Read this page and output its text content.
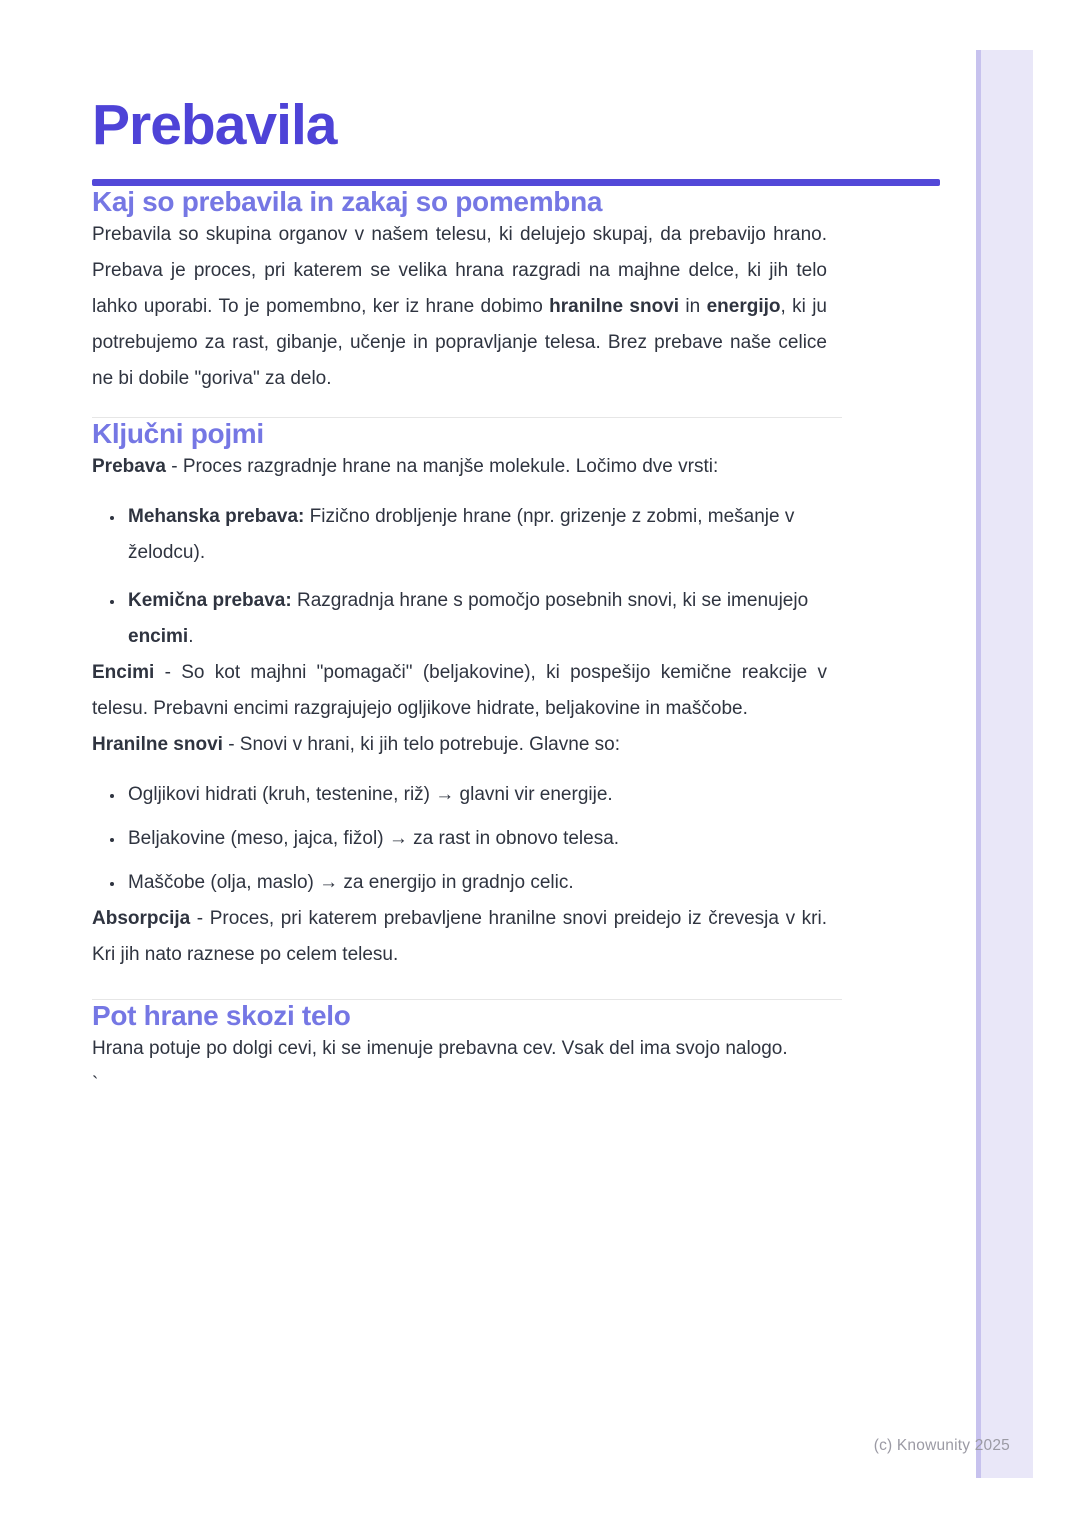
Prebavila
Kaj so prebavila in zakaj so pomembna

Prebavila so skupina organov v našem telesu, ki delujejo skupaj, da prebavijo hrano. Prebava je proces, pri katerem se velika hrana razgradi na majhne delce, ki jih telo lahko uporabi. To je pomembno, ker iz hrane dobimo hranilne snovi in energijo, ki ju potrebujemo za rast, gibanje, učenje in popravljanje telesa. Brez prebave naše celice ne bi dobile "goriva" za delo.

Ključni pojmi

Prebava - Proces razgradnje hrane na manjše molekule. Ločimo dve vrsti:

• Mehanska prebava: Fizično drobljenje hrane (npr. grizenje z zobmi, mešanje v želodcu).
• Kemična prebava: Razgradnja hrane s pomočjo posebnih snovi, ki se imenujejo encimi.

Encimi - So kot majhni "pomagači" (beljakovine), ki pospešijo kemične reakcije v telesu. Prebavni encimi razgrajujejo ogljikove hidrate, beljakovine in maščobe.

Hranilne snovi - Snovi v hrani, ki jih telo potrebuje. Glavne so:

• Ogljikovi hidrati (kruh, testenine, riž) → glavni vir energije.
• Beljakovine (meso, jajca, fižol) → za rast in obnovo telesa.
• Maščobe (olja, maslo) → za energijo in gradnjo celic.

Absorpcija - Proces, pri katerem prebavljene hranilne snovi preidejo iz črevesja v kri. Kri jih nato raznese po celem telesu.

Pot hrane skozi telo

Hrana potuje po dolgi cevi, ki se imenuje prebavna cev. Vsak del ima svojo nalogo.

`

(c) Knowunity 2025
